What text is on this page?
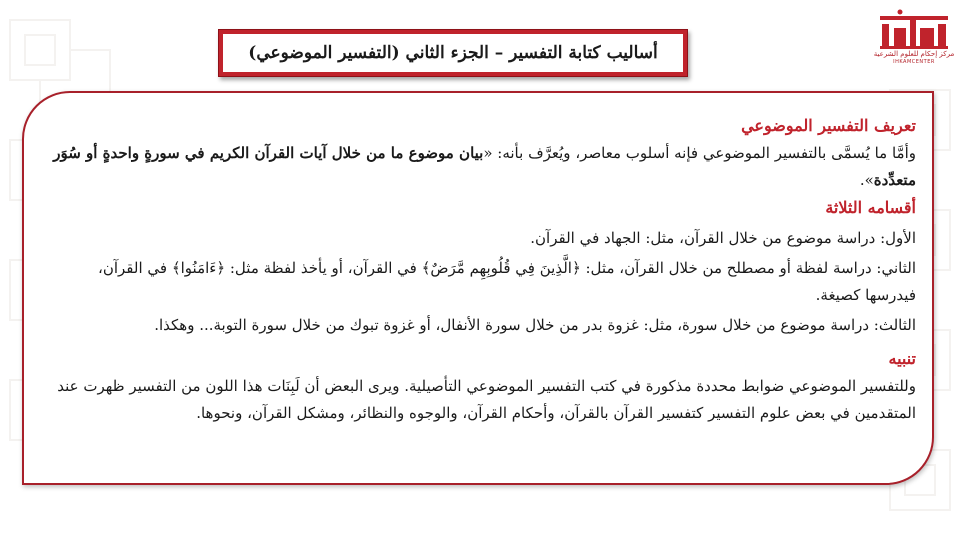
مركز إحكام للعلوم الشرعية
IHKAMCENTER
أساليب كتابة التفسير – الجزء الثاني (التفسير الموضوعي)

تعريف التفسير الموضوعي

وأمَّا ما يُسمَّى بالتفسير الموضوعي فإنه أسلوب معاصر، ويُعرَّف بأنه: «بيان موضوع ما من خلال آيات القرآن الكريم في سورةٍ واحدةٍ أو سُوَر متعدِّدة».

أقسامه الثلاثة

الأول: دراسة موضوع من خلال القرآن، مثل: الجهاد في القرآن.

الثاني: دراسة لفظة أو مصطلح من خلال القرآن، مثل: ﴿الَّذِينَ فِي قُلُوبِهِم مَّرَضٌ﴾ في القرآن، أو يأخذ لفظة مثل: ﴿ءَامَنُوا﴾ في القرآن، فيدرسها كصيغة.

الثالث: دراسة موضوع من خلال سورة، مثل: غزوة بدر من خلال سورة الأنفال، أو غزوة تبوك من خلال سورة التوبة... وهكذا.

تنبيه

وللتفسير الموضوعي ضوابط محددة مذكورة في كتب التفسير الموضوعي التأصيلية. ويرى البعض أن لَبِنَات هذا اللون من التفسير ظهرت عند المتقدمين في بعض علوم التفسير كتفسير القرآن بالقرآن، وأحكام القرآن، والوجوه والنظائر، ومشكل القرآن، ونحوها.
